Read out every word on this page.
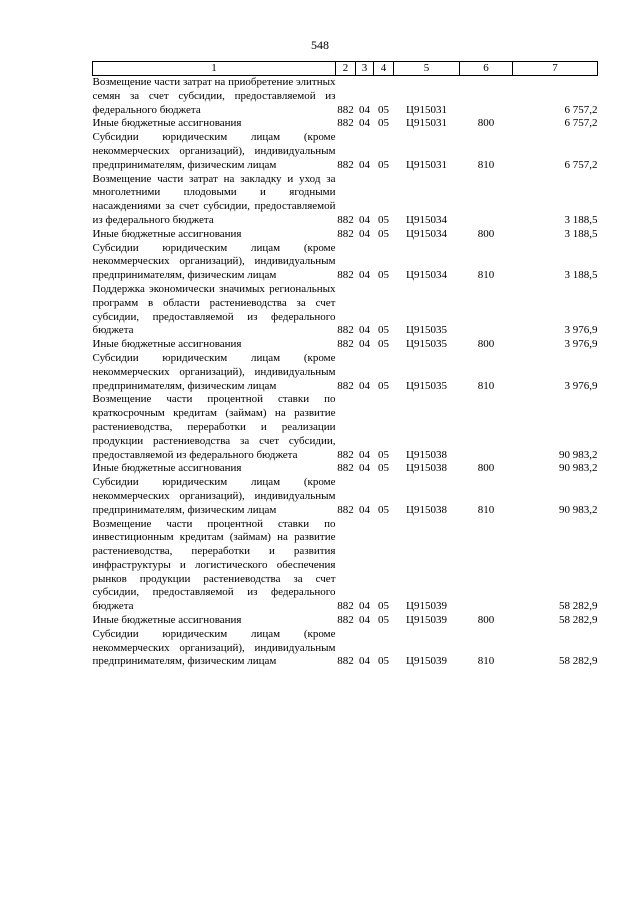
548
1	2	3	4	5	6	7
Возмещение части затрат на приобретение элитных семян за счет субсидии, предоставляемой из федерального бюджета	882	04	05	Ц915031		6 757,2
Иные бюджетные ассигнования	882	04	05	Ц915031	800	6 757,2
Субсидии юридическим лицам (кроме некоммерческих организаций), индивидуальным предпринимателям, физическим лицам	882	04	05	Ц915031	810	6 757,2
Возмещение части затрат на закладку и уход за многолетними плодовыми и ягодными насаждениями за счет субсидии, предоставляемой из федерального бюджета	882	04	05	Ц915034		3 188,5
Иные бюджетные ассигнования	882	04	05	Ц915034	800	3 188,5
Субсидии юридическим лицам (кроме некоммерческих организаций), индивидуальным предпринимателям, физическим лицам	882	04	05	Ц915034	810	3 188,5
Поддержка экономически значимых региональных программ в области растениеводства за счет субсидии, предоставляемой из федерального бюджета	882	04	05	Ц915035		3 976,9
Иные бюджетные ассигнования	882	04	05	Ц915035	800	3 976,9
Субсидии юридическим лицам (кроме некоммерческих организаций), индивидуальным предпринимателям, физическим лицам	882	04	05	Ц915035	810	3 976,9
Возмещение части процентной ставки по краткосрочным кредитам (займам) на развитие растениеводства, переработки и реализации продукции растениеводства за счет субсидии, предоставляемой из федерального бюджета	882	04	05	Ц915038		90 983,2
Иные бюджетные ассигнования	882	04	05	Ц915038	800	90 983,2
Субсидии юридическим лицам (кроме некоммерческих организаций), индивидуальным предпринимателям, физическим лицам	882	04	05	Ц915038	810	90 983,2
Возмещение части процентной ставки по инвестиционным кредитам (займам) на развитие растениеводства, переработки и развития инфраструктуры и логистического обеспечения рынков продукции растениеводства за счет субсидии, предоставляемой из федерального бюджета	882	04	05	Ц915039		58 282,9
Иные бюджетные ассигнования	882	04	05	Ц915039	800	58 282,9
Субсидии юридическим лицам (кроме некоммерческих организаций), индивидуальным предпринимателям, физическим лицам	882	04	05	Ц915039	810	58 282,9
